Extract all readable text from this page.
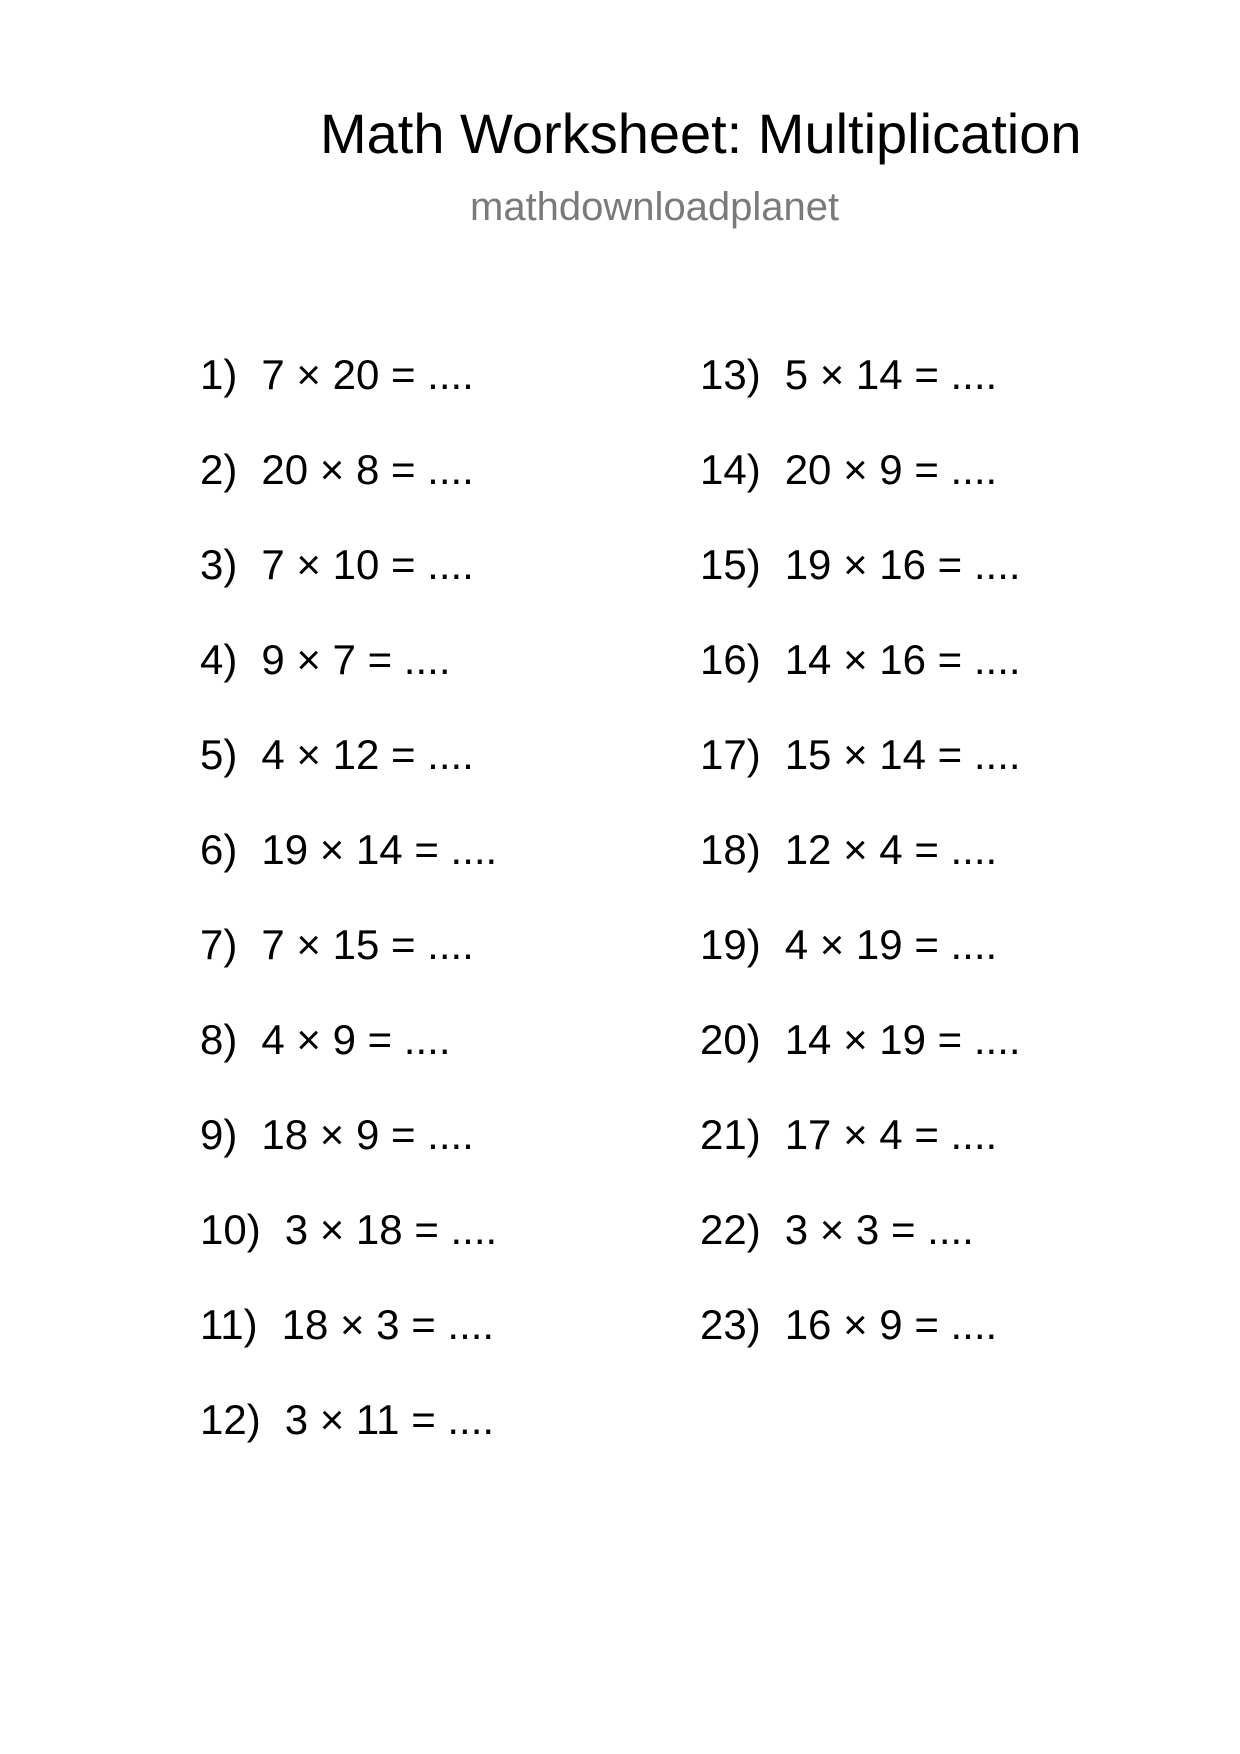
Math Worksheet: Multiplication
mathdownloadplanet
1) 7 × 20 = ....
2) 20 × 8 = ....
3) 7 × 10 = ....
4) 9 × 7 = ....
5) 4 × 12 = ....
6) 19 × 14 = ....
7) 7 × 15 = ....
8) 4 × 9 = ....
9) 18 × 9 = ....
10) 3 × 18 = ....
11) 18 × 3 = ....
12) 3 × 11 = ....
13) 5 × 14 = ....
14) 20 × 9 = ....
15) 19 × 16 = ....
16) 14 × 16 = ....
17) 15 × 14 = ....
18) 12 × 4 = ....
19) 4 × 19 = ....
20) 14 × 19 = ....
21) 17 × 4 = ....
22) 3 × 3 = ....
23) 16 × 9 = ....
